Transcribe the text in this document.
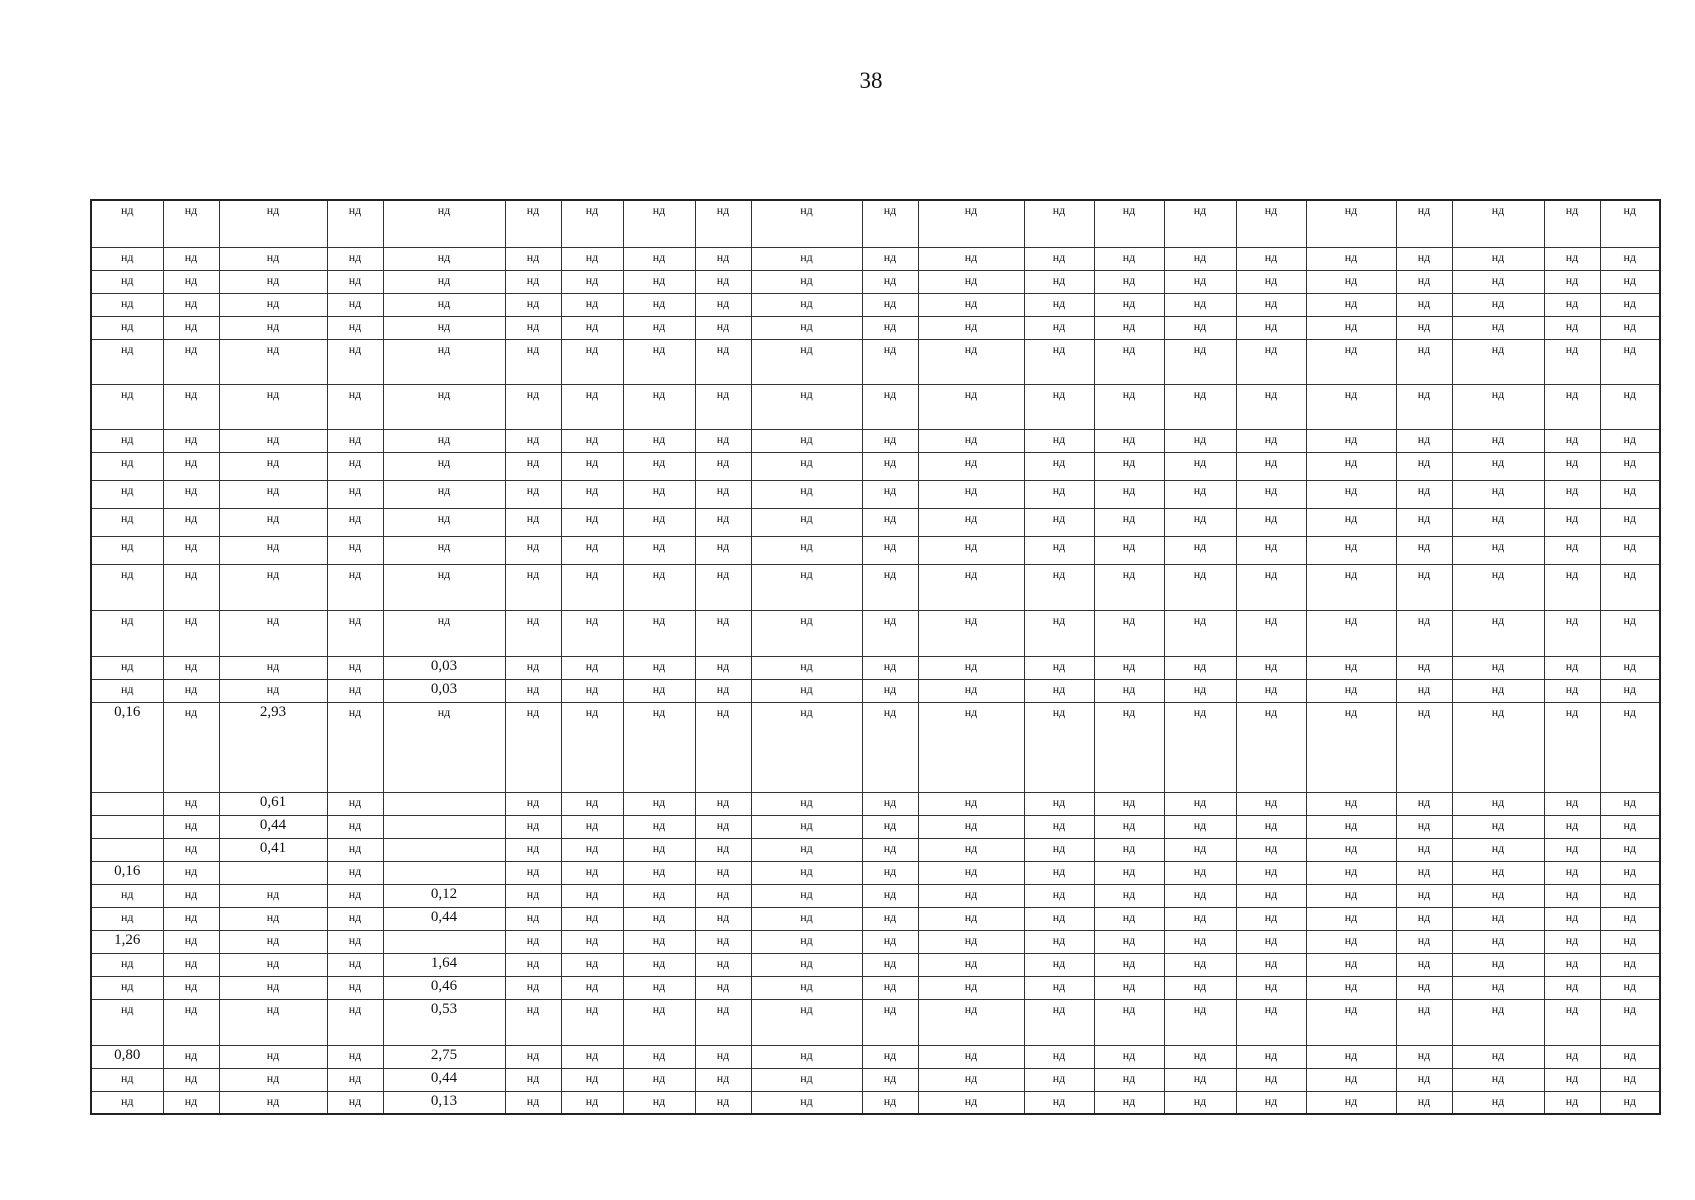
38
нд	нд	нд	нд	нд	нд	нд	нд	нд	нд	нд	нд	нд	нд	нд	нд	нд	нд	нд	нд	нд
нд	нд	нд	нд	нд	нд	нд	нд	нд	нд	нд	нд	нд	нд	нд	нд	нд	нд	нд	нд	нд
нд	нд	нд	нд	нд	нд	нд	нд	нд	нд	нд	нд	нд	нд	нд	нд	нд	нд	нд	нд	нд
нд	нд	нд	нд	нд	нд	нд	нд	нд	нд	нд	нд	нд	нд	нд	нд	нд	нд	нд	нд	нд
нд	нд	нд	нд	нд	нд	нд	нд	нд	нд	нд	нд	нд	нд	нд	нд	нд	нд	нд	нд	нд
нд	нд	нд	нд	нд	нд	нд	нд	нд	нд	нд	нд	нд	нд	нд	нд	нд	нд	нд	нд	нд
нд	нд	нд	нд	нд	нд	нд	нд	нд	нд	нд	нд	нд	нд	нд	нд	нд	нд	нд	нд	нд
нд	нд	нд	нд	нд	нд	нд	нд	нд	нд	нд	нд	нд	нд	нд	нд	нд	нд	нд	нд	нд
нд	нд	нд	нд	нд	нд	нд	нд	нд	нд	нд	нд	нд	нд	нд	нд	нд	нд	нд	нд	нд
нд	нд	нд	нд	нд	нд	нд	нд	нд	нд	нд	нд	нд	нд	нд	нд	нд	нд	нд	нд	нд
нд	нд	нд	нд	нд	нд	нд	нд	нд	нд	нд	нд	нд	нд	нд	нд	нд	нд	нд	нд	нд
нд	нд	нд	нд	нд	нд	нд	нд	нд	нд	нд	нд	нд	нд	нд	нд	нд	нд	нд	нд	нд
нд	нд	нд	нд	нд	нд	нд	нд	нд	нд	нд	нд	нд	нд	нд	нд	нд	нд	нд	нд	нд
нд	нд	нд	нд	нд	нд	нд	нд	нд	нд	нд	нд	нд	нд	нд	нд	нд	нд	нд	нд	нд
нд	нд	нд	нд	0,03	нд	нд	нд	нд	нд	нд	нд	нд	нд	нд	нд	нд	нд	нд	нд	нд
нд	нд	нд	нд	0,03	нд	нд	нд	нд	нд	нд	нд	нд	нд	нд	нд	нд	нд	нд	нд	нд
0,16	нд	2,93	нд	нд	нд	нд	нд	нд	нд	нд	нд	нд	нд	нд	нд	нд	нд	нд	нд	нд
	нд	0,61	нд		нд	нд	нд	нд	нд	нд	нд	нд	нд	нд	нд	нд	нд	нд	нд	нд
	нд	0,44	нд		нд	нд	нд	нд	нд	нд	нд	нд	нд	нд	нд	нд	нд	нд	нд	нд
	нд	0,41	нд		нд	нд	нд	нд	нд	нд	нд	нд	нд	нд	нд	нд	нд	нд	нд	нд
0,16	нд		нд		нд	нд	нд	нд	нд	нд	нд	нд	нд	нд	нд	нд	нд	нд	нд	нд
нд	нд	нд	нд	0,12	нд	нд	нд	нд	нд	нд	нд	нд	нд	нд	нд	нд	нд	нд	нд	нд
нд	нд	нд	нд	0,44	нд	нд	нд	нд	нд	нд	нд	нд	нд	нд	нд	нд	нд	нд	нд	нд
1,26	нд	нд	нд		нд	нд	нд	нд	нд	нд	нд	нд	нд	нд	нд	нд	нд	нд	нд	нд
нд	нд	нд	нд	1,64	нд	нд	нд	нд	нд	нд	нд	нд	нд	нд	нд	нд	нд	нд	нд	нд
нд	нд	нд	нд	0,46	нд	нд	нд	нд	нд	нд	нд	нд	нд	нд	нд	нд	нд	нд	нд	нд
нд	нд	нд	нд	0,53	нд	нд	нд	нд	нд	нд	нд	нд	нд	нд	нд	нд	нд	нд	нд	нд
0,80	нд	нд	нд	2,75	нд	нд	нд	нд	нд	нд	нд	нд	нд	нд	нд	нд	нд	нд	нд	нд
нд	нд	нд	нд	0,44	нд	нд	нд	нд	нд	нд	нд	нд	нд	нд	нд	нд	нд	нд	нд	нд
нд	нд	нд	нд	0,13	нд	нд	нд	нд	нд	нд	нд	нд	нд	нд	нд	нд	нд	нд	нд	нд
